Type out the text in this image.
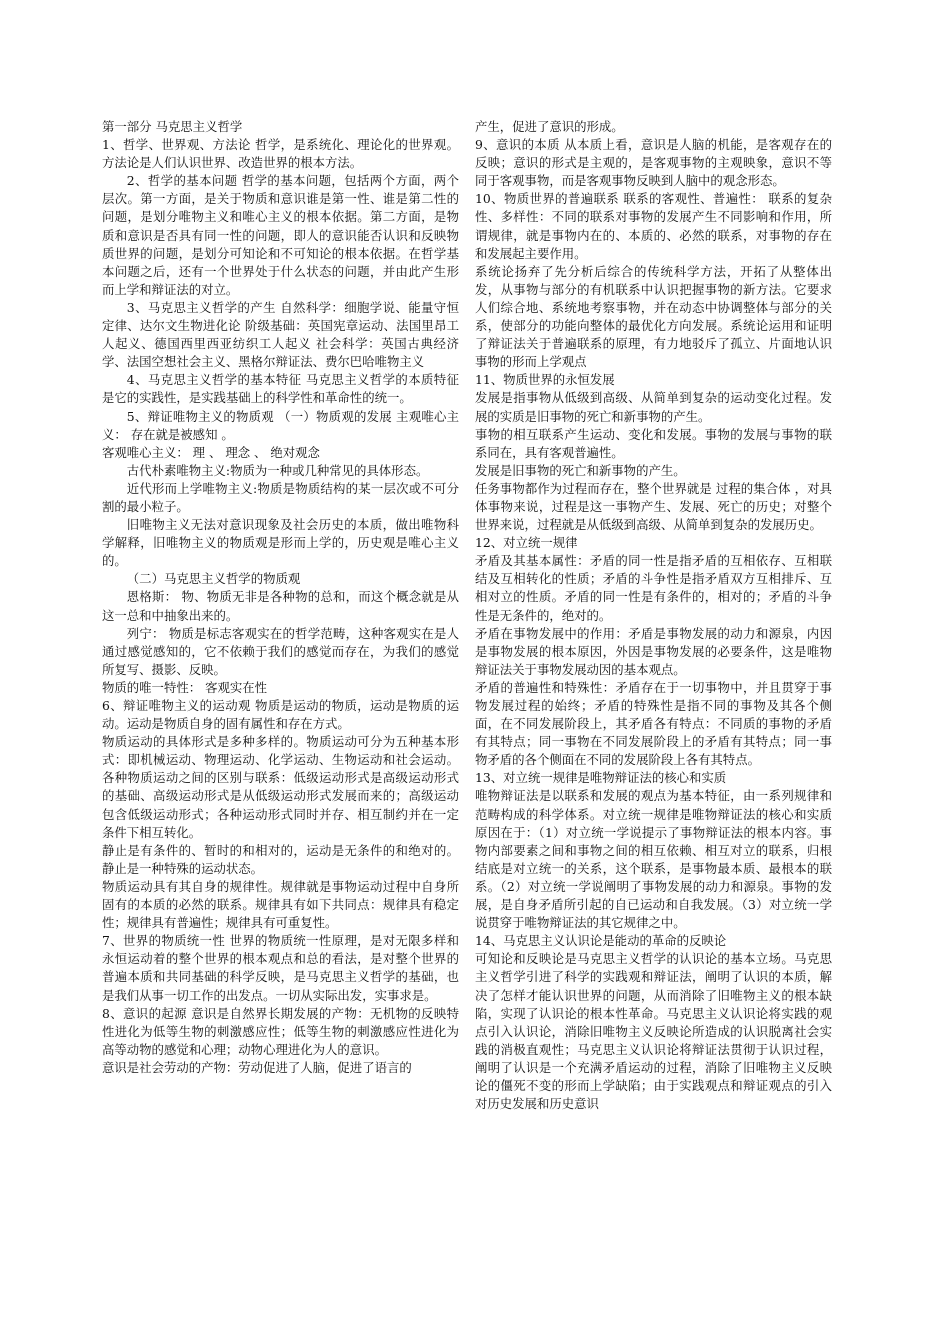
第一部分 马克思主义哲学

1、哲学、世界观、方法论 哲学，是系统化、理论化的世界观。方法论是人们认识世界、改造世界的根本方法。

2、哲学的基本问题 哲学的基本问题，包括两个方面，两个层次。第一方面，是关于物质和意识谁是第一性、谁是第二性的问题，是划分唯物主义和唯心主义的根本依据。第二方面，是物质和意识是否具有同一性的问题，即人的意识能否认识和反映物质世界的问题，是划分可知论和不可知论的根本依据。在哲学基本问题之后，还有一个世界处于什么状态的问题，并由此产生形而上学和辩证法的对立。

3、马克思主义哲学的产生 自然科学：细胞学说、能量守恒定律、达尔文生物进化论 阶级基础：英国宪章运动、法国里昂工人起义、德国西里西亚纺织工人起义 社会科学：英国古典经济学、法国空想社会主义、黑格尔辩证法、费尔巴哈唯物主义

4、马克思主义哲学的基本特征 马克思主义哲学的本质特征是它的实践性，是实践基础上的科学性和革命性的统一。

5、辩证唯物主义的物质观 （一）物质观的发展 主观唯心主义： 存在就是被感知 。

客观唯心主义： 理 、 理念 、 绝对观念

古代朴素唯物主义:物质为一种或几种常见的具体形态。

近代形而上学唯物主义:物质是物质结构的某一层次或不可分割的最小粒子。

旧唯物主义无法对意识现象及社会历史的本质，做出唯物科学解释，旧唯物主义的物质观是形而上学的，历史观是唯心主义的。

（二）马克思主义哲学的物质观

恩格斯： 物、物质无非是各种物的总和，而这个概念就是从这一总和中抽象出来的。

列宁： 物质是标志客观实在的哲学范畴，这种客观实在是人通过感觉感知的，它不依赖于我们的感觉而存在，为我们的感觉所复写、摄影、反映。

物质的唯一特性： 客观实在性

6、辩证唯物主义的运动观 物质是运动的物质，运动是物质的运动。运动是物质自身的固有属性和存在方式。

物质运动的具体形式是多种多样的。物质运动可分为五种基本形式：即机械运动、物理运动、化学运动、生物运动和社会运动。各种物质运动之间的区别与联系：低级运动形式是高级运动形式的基础、高级运动形式是从低级运动形式发展而来的；高级运动包含低级运动形式；各种运动形式同时并存、相互制约并在一定条件下相互转化。

静止是有条件的、暂时的和相对的，运动是无条件的和绝对的。静止是一种特殊的运动状态。

物质运动具有其自身的规律性。规律就是事物运动过程中自身所固有的本质的必然的联系。规律具有如下共同点：规律具有稳定性；规律具有普遍性；规律具有可重复性。

7、世界的物质统一性 世界的物质统一性原理，是对无限多样和永恒运动着的整个世界的根本观点和总的看法，是对整个世界的普遍本质和共同基础的科学反映，是马克思主义哲学的基础，也是我们从事一切工作的出发点。一切从实际出发，实事求是。

8、意识的起源 意识是自然界长期发展的产物：无机物的反映特性进化为低等生物的刺激感应性；低等生物的刺激感应性进化为高等动物的感觉和心理；动物心理进化为人的意识。

意识是社会劳动的产物：劳动促进了人脑，促进了语言的

产生，促进了意识的形成。

9、意识的本质 从本质上看，意识是人脑的机能，是客观存在的反映；意识的形式是主观的，是客观事物的主观映象，意识不等同于客观事物，而是客观事物反映到人脑中的观念形态。

10、物质世界的普遍联系 联系的客观性、普遍性： 联系的复杂性、多样性：不同的联系对事物的发展产生不同影响和作用，所谓规律，就是事物内在的、本质的、必然的联系，对事物的存在和发展起主要作用。

系统论扬弃了先分析后综合的传统科学方法，开拓了从整体出发，从事物与部分的有机联系中认识把握事物的新方法。它要求人们综合地、系统地考察事物，并在动态中协调整体与部分的关系，使部分的功能向整体的最优化方向发展。系统论运用和证明了辩证法关于普遍联系的原理，有力地驳斥了孤立、片面地认识事物的形而上学观点

11、物质世界的永恒发展

发展是指事物从低级到高级、从简单到复杂的运动变化过程。发展的实质是旧事物的死亡和新事物的产生。

事物的相互联系产生运动、变化和发展。事物的发展与事物的联系同在，具有客观普遍性。

发展是旧事物的死亡和新事物的产生。

任务事物都作为过程而存在，整个世界就是 过程的集合体 ，对具体事物来说，过程是这一事物产生、发展、死亡的历史；对整个世界来说，过程就是从低级到高级、从简单到复杂的发展历史。

12、对立统一规律

矛盾及其基本属性：矛盾的同一性是指矛盾的互相依存、互相联结及互相转化的性质；矛盾的斗争性是指矛盾双方互相排斥、互相对立的性质。矛盾的同一性是有条件的，相对的；矛盾的斗争性是无条件的，绝对的。

矛盾在事物发展中的作用：矛盾是事物发展的动力和源泉，内因是事物发展的根本原因，外因是事物发展的必要条件，这是唯物辩证法关于事物发展动因的基本观点。

矛盾的普遍性和特殊性：矛盾存在于一切事物中，并且贯穿于事物发展过程的始终；矛盾的特殊性是指不同的事物及其各个侧面，在不同发展阶段上，其矛盾各有特点：不同质的事物的矛盾有其特点；同一事物在不同发展阶段上的矛盾有其特点；同一事物矛盾的各个侧面在不同的发展阶段上各有其特点。

13、对立统一规律是唯物辩证法的核心和实质

唯物辩证法是以联系和发展的观点为基本特征，由一系列规律和范畴构成的科学体系。对立统一规律是唯物辩证法的核心和实质原因在于：（1）对立统一学说提示了事物辩证法的根本内容。事物内部要素之间和事物之间的相互依赖、相互对立的联系，归根结底是对立统一的关系，这个联系，是事物最本质、最根本的联系。（2）对立统一学说阐明了事物发展的动力和源泉。事物的发展，是自身矛盾所引起的自已运动和自我发展。（3）对立统一学说贯穿于唯物辩证法的其它规律之中。

14、马克思主义认识论是能动的革命的反映论

可知论和反映论是马克思主义哲学的认识论的基本立场。马克思主义哲学引进了科学的实践观和辩证法，阐明了认识的本质，解决了怎样才能认识世界的问题，从而消除了旧唯物主义的根本缺陷，实现了认识论的根本性革命。马克思主义认识论将实践的观点引入认识论，消除旧唯物主义反映论所造成的认识脱离社会实践的消极直观性；马克思主义认识论将辩证法贯彻于认识过程，阐明了认识是一个充满矛盾运动的过程，消除了旧唯物主义反映论的僵死不变的形而上学缺陷；由于实践观点和辩证观点的引入对历史发展和历史意识
